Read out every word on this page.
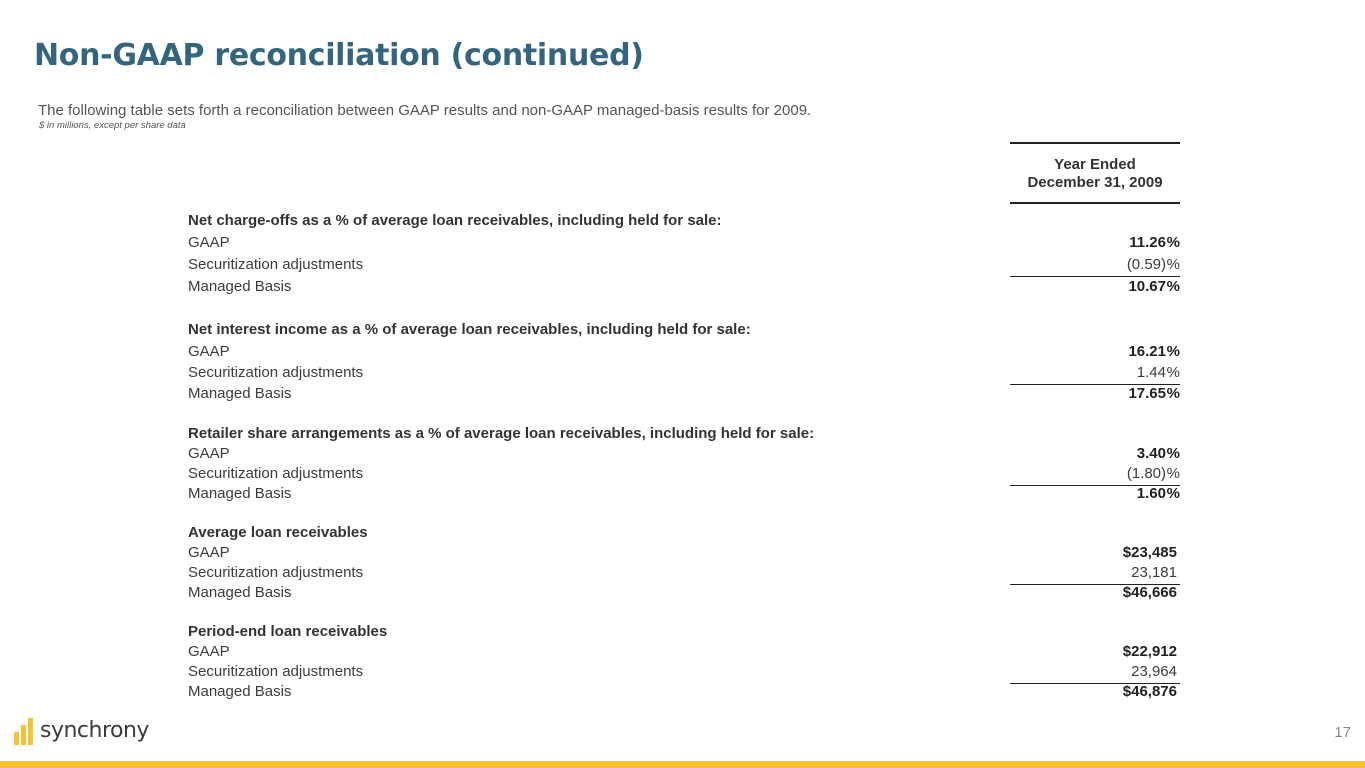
Non-GAAP reconciliation (continued)
The following table sets forth a reconciliation between GAAP results and non-GAAP managed-basis results for 2009.
$ in millions, except per share data
Year Ended
December 31, 2009
Net charge-offs as a % of average loan receivables, including held for sale:
GAAP	11.26 %
Securitization adjustments	(0.59) %
Managed Basis	10.67 %
Net interest income as a % of average loan receivables, including held for sale:
GAAP	16.21 %
Securitization adjustments	1.44 %
Managed Basis	17.65 %
Retailer share arrangements as a % of average loan receivables, including held for sale:
GAAP	3.40 %
Securitization adjustments	(1.80) %
Managed Basis	1.60 %
Average loan receivables
GAAP	$23,485
Securitization adjustments	23,181
Managed Basis	$46,666
Period-end loan receivables
GAAP	$22,912
Securitization adjustments	23,964
Managed Basis	$46,876
synchrony	17
